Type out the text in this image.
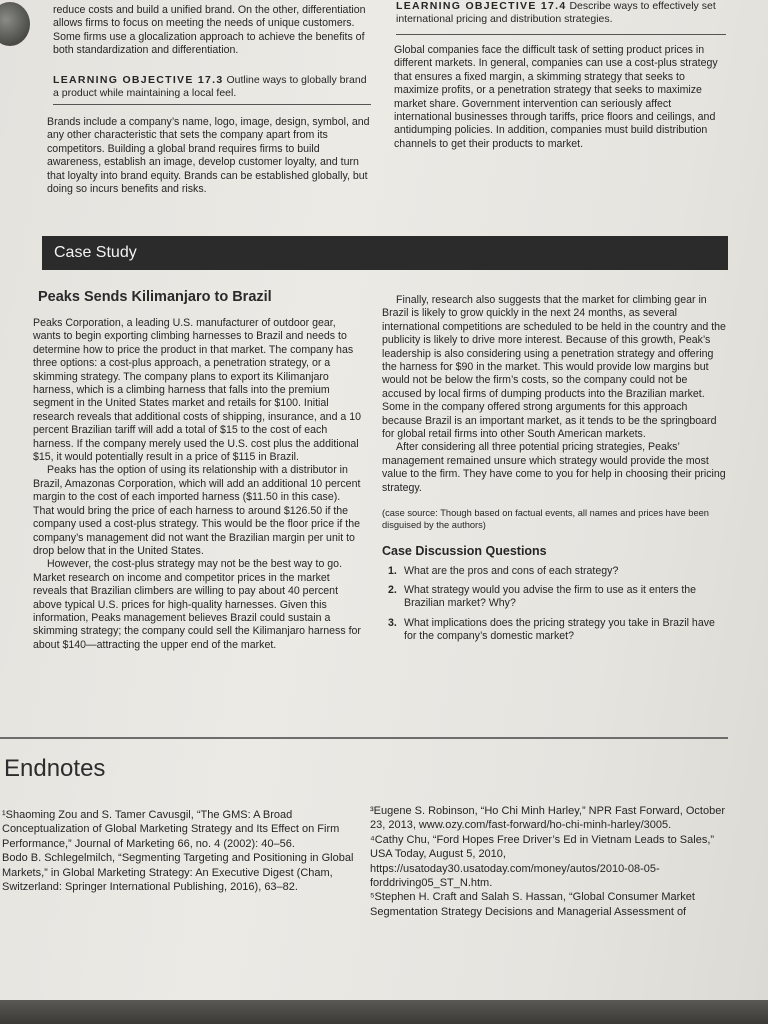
reduce costs and build a unified brand. On the other, differentiation allows firms to focus on meeting the needs of unique customers. Some firms use a glocalization approach to achieve the benefits of both standardization and differentiation.

LEARNING OBJECTIVE 17.3 Outline ways to globally brand a product while maintaining a local feel.

Brands include a company’s name, logo, image, design, symbol, and any other characteristic that sets the company apart from its competitors. Building a global brand requires firms to build awareness, establish an image, develop customer loyalty, and turn that loyalty into brand equity. Brands can be established globally, but doing so incurs benefits and risks.

LEARNING OBJECTIVE 17.4 Describe ways to effectively set international pricing and distribution strategies.

Global companies face the difficult task of setting product prices in different markets. In general, companies can use a cost-plus strategy that ensures a fixed margin, a skimming strategy that seeks to maximize profits, or a penetration strategy that seeks to maximize market share. Government intervention can seriously affect international businesses through tariffs, price floors and ceilings, and antidumping policies. In addition, companies must build distribution channels to get their products to market.

Case Study
Peaks Sends Kilimanjaro to Brazil

Peaks Corporation, a leading U.S. manufacturer of outdoor gear, wants to begin exporting climbing harnesses to Brazil and needs to determine how to price the product in that market. The company has three options: a cost-plus approach, a penetration strategy, or a skimming strategy. The company plans to export its Kilimanjaro harness, which is a climbing harness that falls into the premium segment in the United States market and retails for $100. Initial research reveals that additional costs of shipping, insurance, and a 10 percent Brazilian tariff will add a total of $15 to the cost of each harness. If the company merely used the U.S. cost plus the additional $15, it would potentially result in a price of $115 in Brazil.

Peaks has the option of using its relationship with a distributor in Brazil, Amazonas Corporation, which will add an additional 10 percent margin to the cost of each imported harness ($11.50 in this case). That would bring the price of each harness to around $126.50 if the company used a cost-plus strategy. This would be the floor price if the company’s management did not want the Brazilian margin per unit to drop below that in the United States.

However, the cost-plus strategy may not be the best way to go. Market research on income and competitor prices in the market reveals that Brazilian climbers are willing to pay about 40 percent above typical U.S. prices for high-quality harnesses. Given this information, Peaks management believes Brazil could sustain a skimming strategy; the company could sell the Kilimanjaro harness for about $140—attracting the upper end of the market.

Finally, research also suggests that the market for climbing gear in Brazil is likely to grow quickly in the next 24 months, as several international competitions are scheduled to be held in the country and the publicity is likely to drive more interest. Because of this growth, Peak’s leadership is also considering using a penetration strategy and offering the harness for $90 in the market. This would provide low margins but would not be below the firm’s costs, so the company could not be accused by local firms of dumping products into the Brazilian market. Some in the company offered strong arguments for this approach because Brazil is an important market, as it tends to be the springboard for global retail firms into other South American markets.

After considering all three potential pricing strategies, Peaks’ management remained unsure which strategy would provide the most value to the firm. They have come to you for help in choosing their pricing strategy.

(case source: Though based on factual events, all names and prices have been disguised by the authors)

Case Discussion Questions
1. What are the pros and cons of each strategy?
2. What strategy would you advise the firm to use as it enters the Brazilian market? Why?
3. What implications does the pricing strategy you take in Brazil have for the company’s domestic market?
Endnotes

¹Shaoming Zou and S. Tamer Cavusgil, “The GMS: A Broad Conceptualization of Global Marketing Strategy and Its Effect on Firm Performance,” Journal of Marketing 66, no. 4 (2002): 40–56.

Bodo B. Schlegelmilch, “Segmenting Targeting and Positioning in Global Markets,” in Global Marketing Strategy: An Executive Digest (Cham, Switzerland: Springer International Publishing, 2016), 63–82.

³Eugene S. Robinson, “Ho Chi Minh Harley,” NPR Fast Forward, October 23, 2013, www.ozy.com/fast-forward/ho-chi-minh-harley/3005.

⁴Cathy Chu, “Ford Hopes Free Driver’s Ed in Vietnam Leads to Sales,” USA Today, August 5, 2010, https://usatoday30.usatoday.com/money/autos/2010-08-05-forddriving05_ST_N.htm.

⁵Stephen H. Craft and Salah S. Hassan, “Global Consumer Market Segmentation Strategy Decisions and Managerial Assessment of
